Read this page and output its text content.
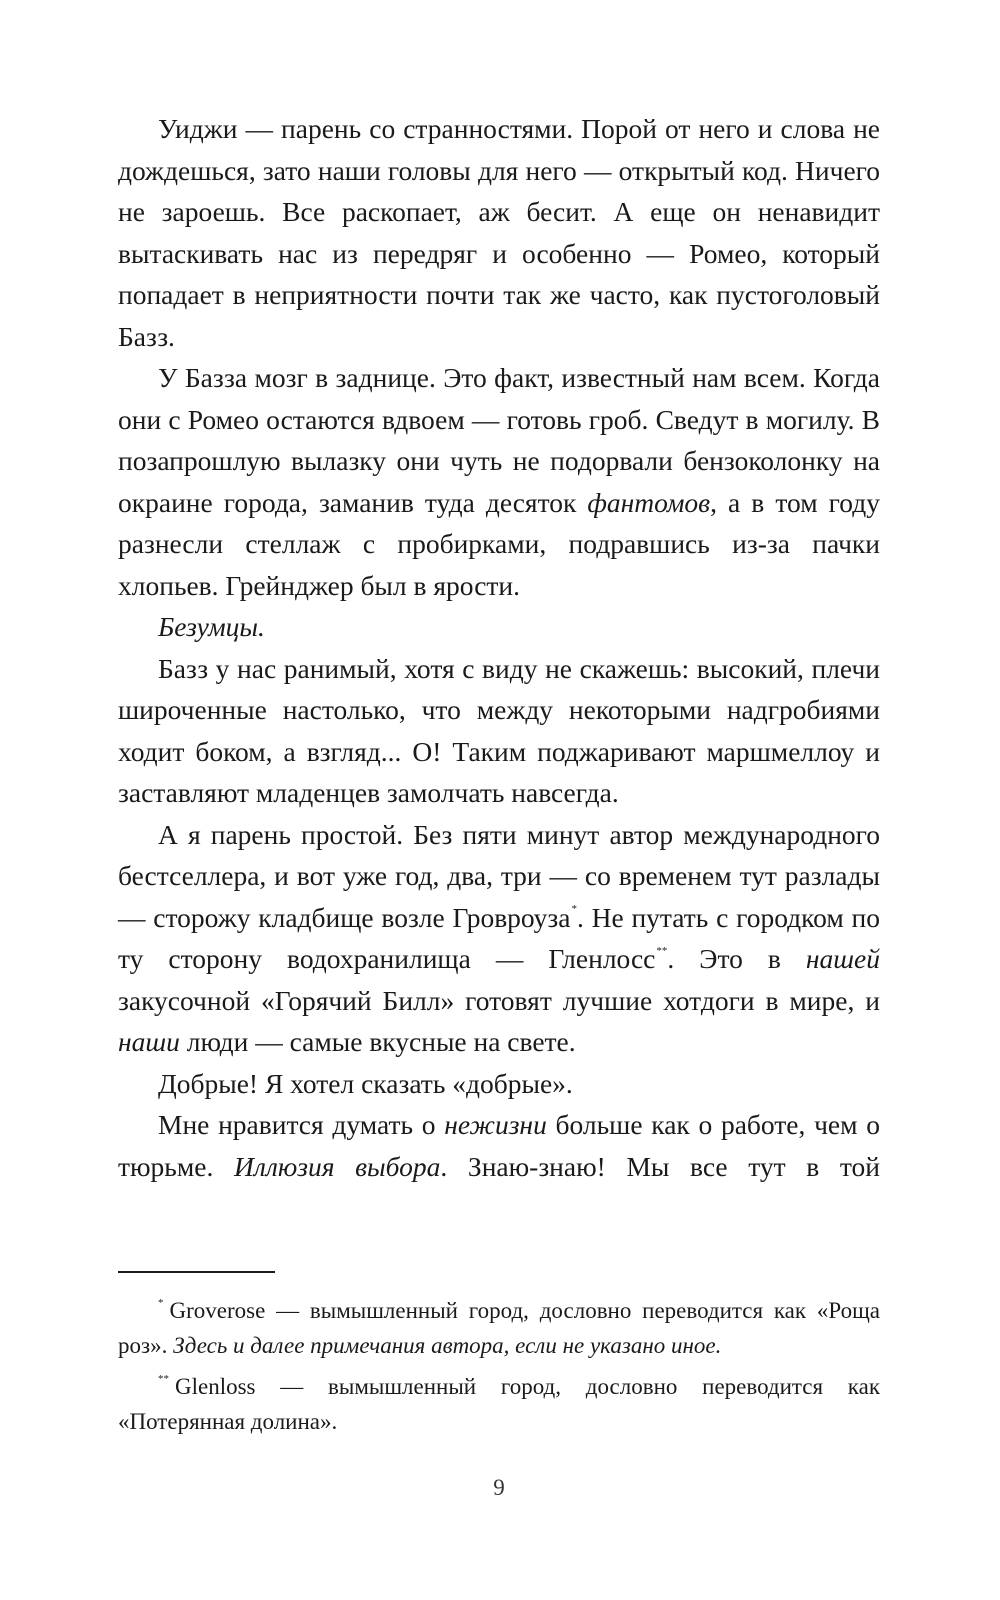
Уиджи — парень со странностями. Порой от него и слова не дождешься, зато наши головы для него — открытый код. Ничего не зароешь. Все раскопает, аж бесит. А еще он ненавидит вытаскивать нас из передряг и особенно — Ромео, который попадает в неприятности почти так же часто, как пустоголовый Базз.

У Базза мозг в заднице. Это факт, известный нам всем. Когда они с Ромео остаются вдвоем — готовь гроб. Сведут в могилу. В позапрошлую вылазку они чуть не подорвали бензоколонку на окраине города, заманив туда десяток фантомов, а в том году разнесли стеллаж с пробирками, подравшись из-за пачки хлопьев. Грейнджер был в ярости.

Безумцы.

Базз у нас ранимый, хотя с виду не скажешь: высокий, плечи широченные настолько, что между некоторыми надгробиями ходит боком, а взгляд... О! Таким поджаривают маршмеллоу и заставляют младенцев замолчать навсегда.

А я парень простой. Без пяти минут автор международного бестселлера, и вот уже год, два, три — со временем тут разлады — сторожу кладбище возле Гровроуза*. Не путать с городком по ту сторону водохранилища — Гленлосс**. Это в нашей закусочной «Горячий Билл» готовят лучшие хотдоги в мире, и наши люди — самые вкусные на свете.

Добрые! Я хотел сказать «добрые».

Мне нравится думать о нежизни больше как о работе, чем о тюрьме. Иллюзия выбора. Знаю-знаю! Мы все тут в той

* Groverose — вымышленный город, дословно переводится как «Роща роз». Здесь и далее примечания автора, если не указано иное.

** Glenloss — вымышленный город, дословно переводится как «Потерянная долина».

9
